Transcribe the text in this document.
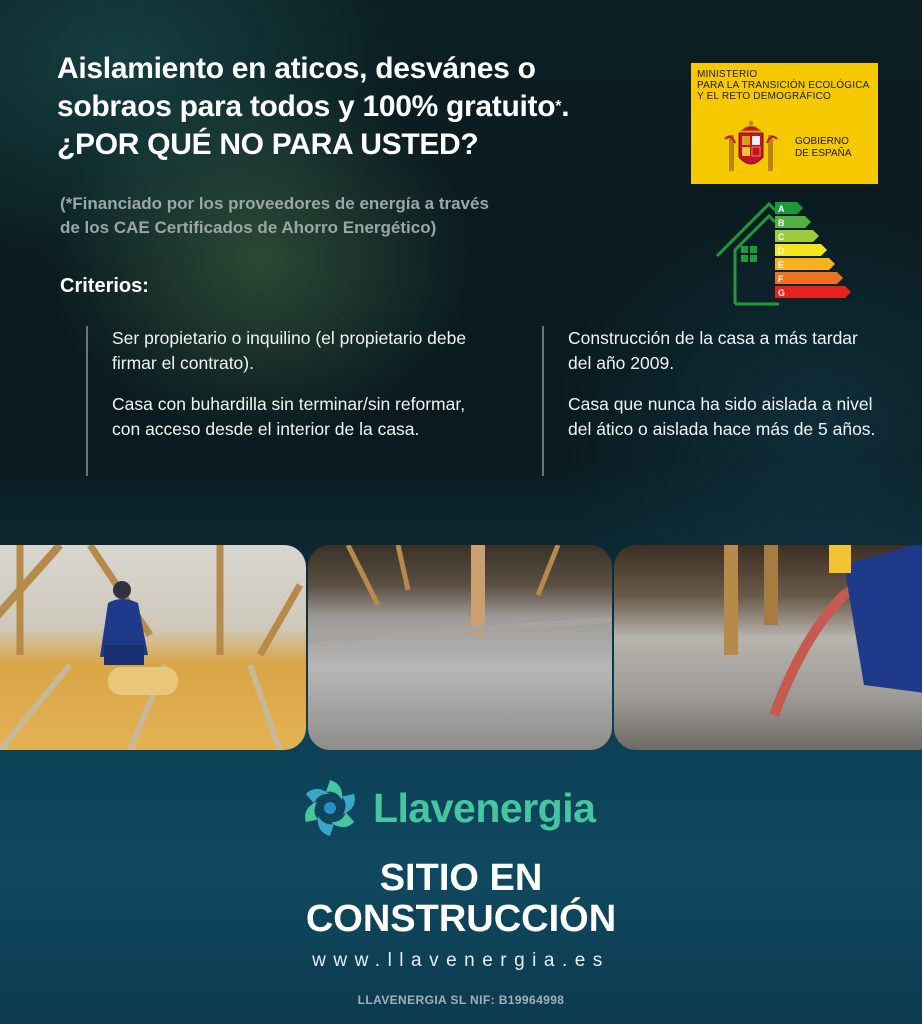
Aislamiento en aticos, desvánes o
sobraos para todos y 100% gratuito*.
¿POR QUÉ NO PARA USTED?
(*Financiado por los proveedores de energía a través
de los CAE Certificados de Ahorro Energético)
MINISTERIO
PARA LA TRANSICIÓN ECOLÓGICA
Y EL RETO DEMOGRÁFICO
GOBIERNO
DE ESPAÑA
A
B
C
D
E
F
G
Criterios:

Ser propietario o inquilino (el propietario debe firmar el contrato).

Casa con buhardilla sin terminar/sin reformar, con acceso desde el interior de la casa.

Construcción de la casa a más tardar del año 2009.

Casa que nunca ha sido aislada a nivel del ático o aislada hace más de 5 años.

Llavenergia
SITIO EN
CONSTRUCCIÓN
www.llavenergia.es
LLAVENERGIA SL NIF: B19964998
